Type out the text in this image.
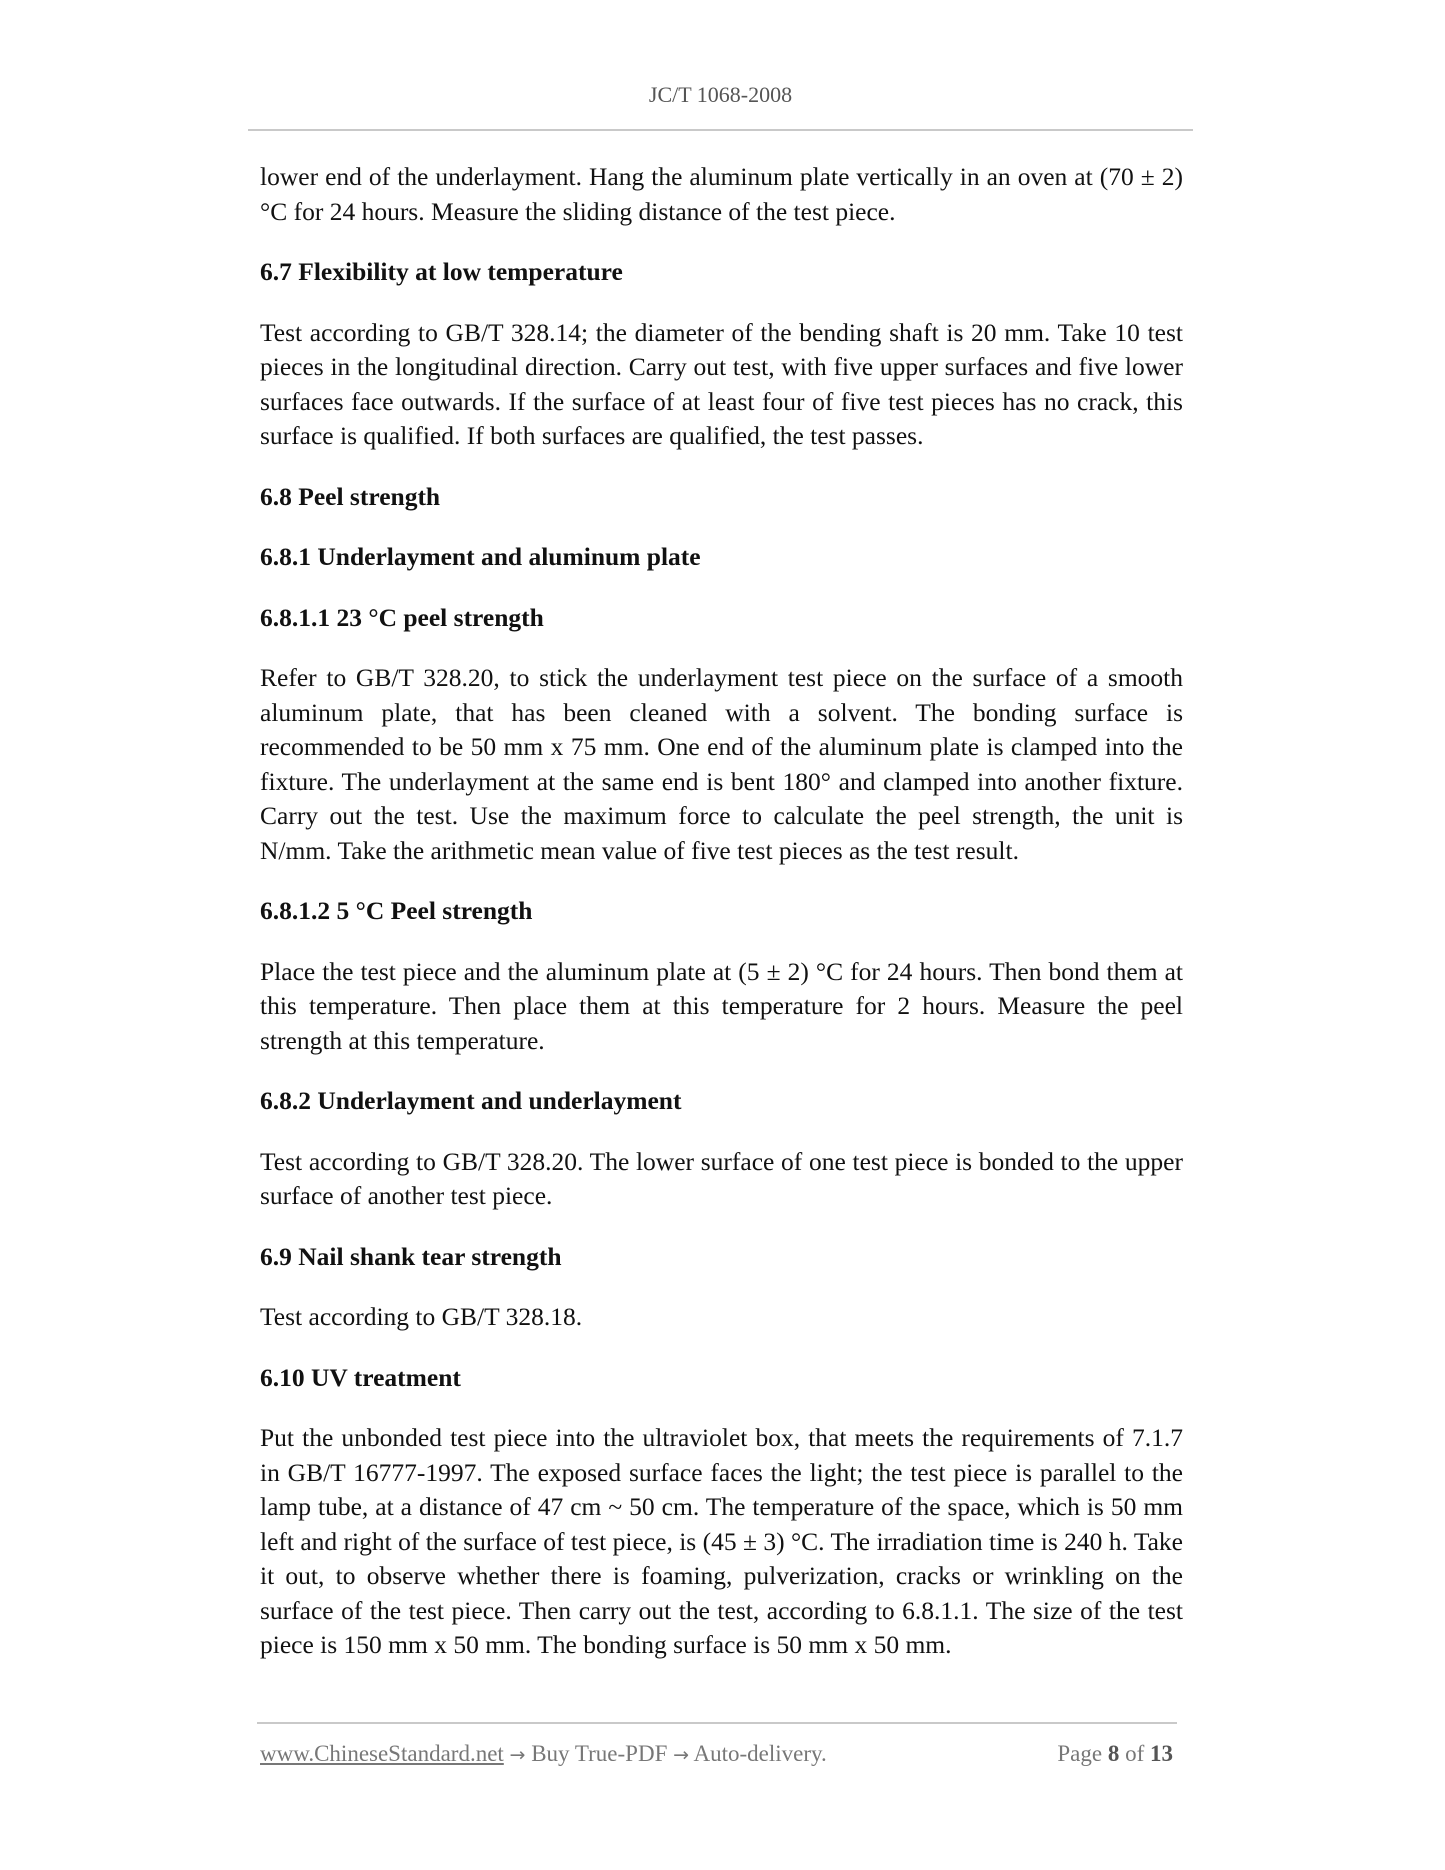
JC/T 1068-2008

lower end of the underlayment. Hang the aluminum plate vertically in an oven at (70 ± 2) °C for 24 hours. Measure the sliding distance of the test piece.

6.7 Flexibility at low temperature

Test according to GB/T 328.14; the diameter of the bending shaft is 20 mm. Take 10 test pieces in the longitudinal direction. Carry out test, with five upper surfaces and five lower surfaces face outwards. If the surface of at least four of five test pieces has no crack, this surface is qualified. If both surfaces are qualified, the test passes.

6.8 Peel strength
6.8.1 Underlayment and aluminum plate
6.8.1.1 23 °C peel strength

Refer to GB/T 328.20, to stick the underlayment test piece on the surface of a smooth aluminum plate, that has been cleaned with a solvent. The bonding surface is recommended to be 50 mm x 75 mm. One end of the aluminum plate is clamped into the fixture. The underlayment at the same end is bent 180° and clamped into another fixture. Carry out the test. Use the maximum force to calculate the peel strength, the unit is N/mm. Take the arithmetic mean value of five test pieces as the test result.

6.8.1.2 5 °C Peel strength

Place the test piece and the aluminum plate at (5 ± 2) °C for 24 hours. Then bond them at this temperature. Then place them at this temperature for 2 hours. Measure the peel strength at this temperature.

6.8.2 Underlayment and underlayment

Test according to GB/T 328.20. The lower surface of one test piece is bonded to the upper surface of another test piece.

6.9 Nail shank tear strength

Test according to GB/T 328.18.

6.10 UV treatment

Put the unbonded test piece into the ultraviolet box, that meets the requirements of 7.1.7 in GB/T 16777-1997. The exposed surface faces the light; the test piece is parallel to the lamp tube, at a distance of 47 cm ~ 50 cm. The temperature of the space, which is 50 mm left and right of the surface of test piece, is (45 ± 3) °C. The irradiation time is 240 h. Take it out, to observe whether there is foaming, pulverization, cracks or wrinkling on the surface of the test piece. Then carry out the test, according to 6.8.1.1. The size of the test piece is 150 mm x 50 mm. The bonding surface is 50 mm x 50 mm.

www.ChineseStandard.net → Buy True-PDF → Auto-delivery.	Page 8 of 13
